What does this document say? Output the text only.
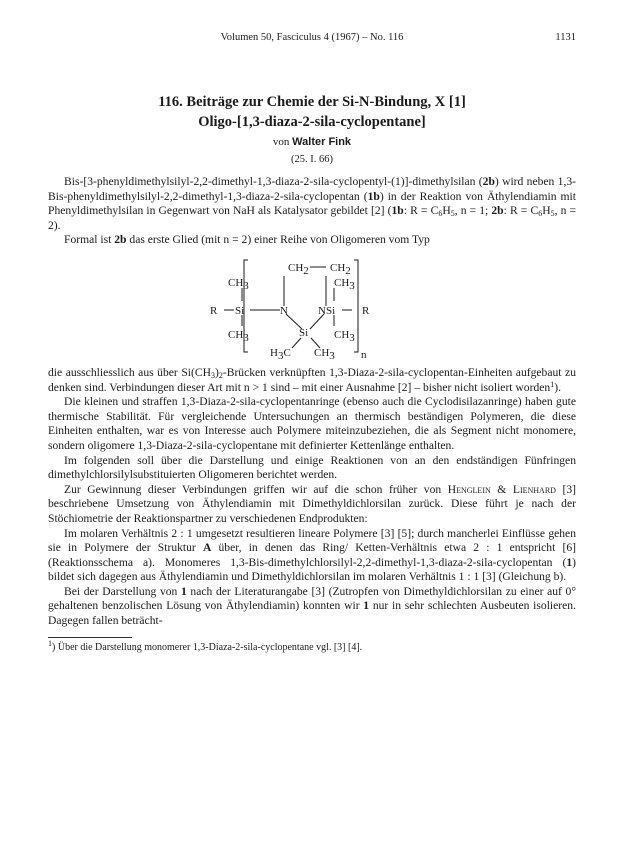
Volumen 50, Fasciculus 4 (1967) – No. 116	1131
116. Beiträge zur Chemie der Si-N-Bindung, X [1]
Oligo-[1,3-diaza-2-sila-cyclopentane]
von Walter Fink
(25. I. 66)

Bis-[3-phenyldimethylsilyl-2,2-dimethyl-1,3-diaza-2-sila-cyclopentyl-(1)]-dimethylsilan (2b) wird neben 1,3-Bis-phenyldimethylsilyl-2,2-dimethyl-1,3-diaza-2-sila-cyclopentan (1b) in der Reaktion von Äthylendiamin mit Phenyldimethylsilan in Gegenwart von NaH als Katalysator gebildet [2] (1b: $R = C_6H_5$, n = 1; 2b: $R = C_6H_5$, n = 2).

Formal ist 2b das erste Glied (mit n = 2) einer Reihe von Oligomeren vom Typ

CH2 CH2
CH3	CH3
R Si	N	N Si R
CH3	CH3
Si
H3C CH3 n

die ausschliesslich aus über $Si(CH_3)_2$-Brücken verknüpften 1,3-Diaza-2-sila-cyclopentan-Einheiten aufgebaut zu denken sind. Verbindungen dieser Art mit n > 1 sind – mit einer Ausnahme [2] – bisher nicht isoliert worden$^1$).

Die kleinen und straffen 1,3-Diaza-2-sila-cyclopentanringe (ebenso auch die Cyclodisilazanringe) haben gute thermische Stabilität. Für vergleichende Untersuchungen an thermisch beständigen Polymeren, die diese Einheiten enthalten, war es von Interesse auch Polymere miteinzubeziehen, die als Segment nicht monomere, sondern oligomere 1,3-Diaza-2-sila-cyclopentane mit definierter Kettenlänge enthalten.

Im folgenden soll über die Darstellung und einige Reaktionen von an den endständigen Fünfringen dimethylchlorsilylsubstituierten Oligomeren berichtet werden.

Zur Gewinnung dieser Verbindungen griffen wir auf die schon früher von Henglein & Lienhard [3] beschriebene Umsetzung von Äthylendiamin mit Dimethyldichlorsilan zurück. Diese führt je nach der Stöchiometrie der Reaktionspartner zu verschiedenen Endprodukten:

Im molaren Verhältnis 2 : 1 umgesetzt resultieren lineare Polymere [3] [5]; durch mancherlei Einflüsse gehen sie in Polymere der Struktur A über, in denen das Ring/ Ketten-Verhältnis etwa 2 : 1 entspricht [6] (Reaktionsschema a). Monomeres 1,3-Bis-dimethylchlorsilyl-2,2-dimethyl-1,3-diaza-2-sila-cyclopentan (1) bildet sich dagegen aus Äthylendiamin und Dimethyldichlorsilan im molaren Verhältnis 1 : 1 [3] (Gleichung b).

Bei der Darstellung von 1 nach der Literaturangabe [3] (Zutropfen von Dimethyldichlorsilan zu einer auf 0° gehaltenen benzolischen Lösung von Äthylendiamin) konnten wir 1 nur in sehr schlechten Ausbeuten isolieren. Dagegen fallen beträcht-

$^1$) Über die Darstellung monomerer 1,3-Diaza-2-sila-cyclopentane vgl. [3] [4].
